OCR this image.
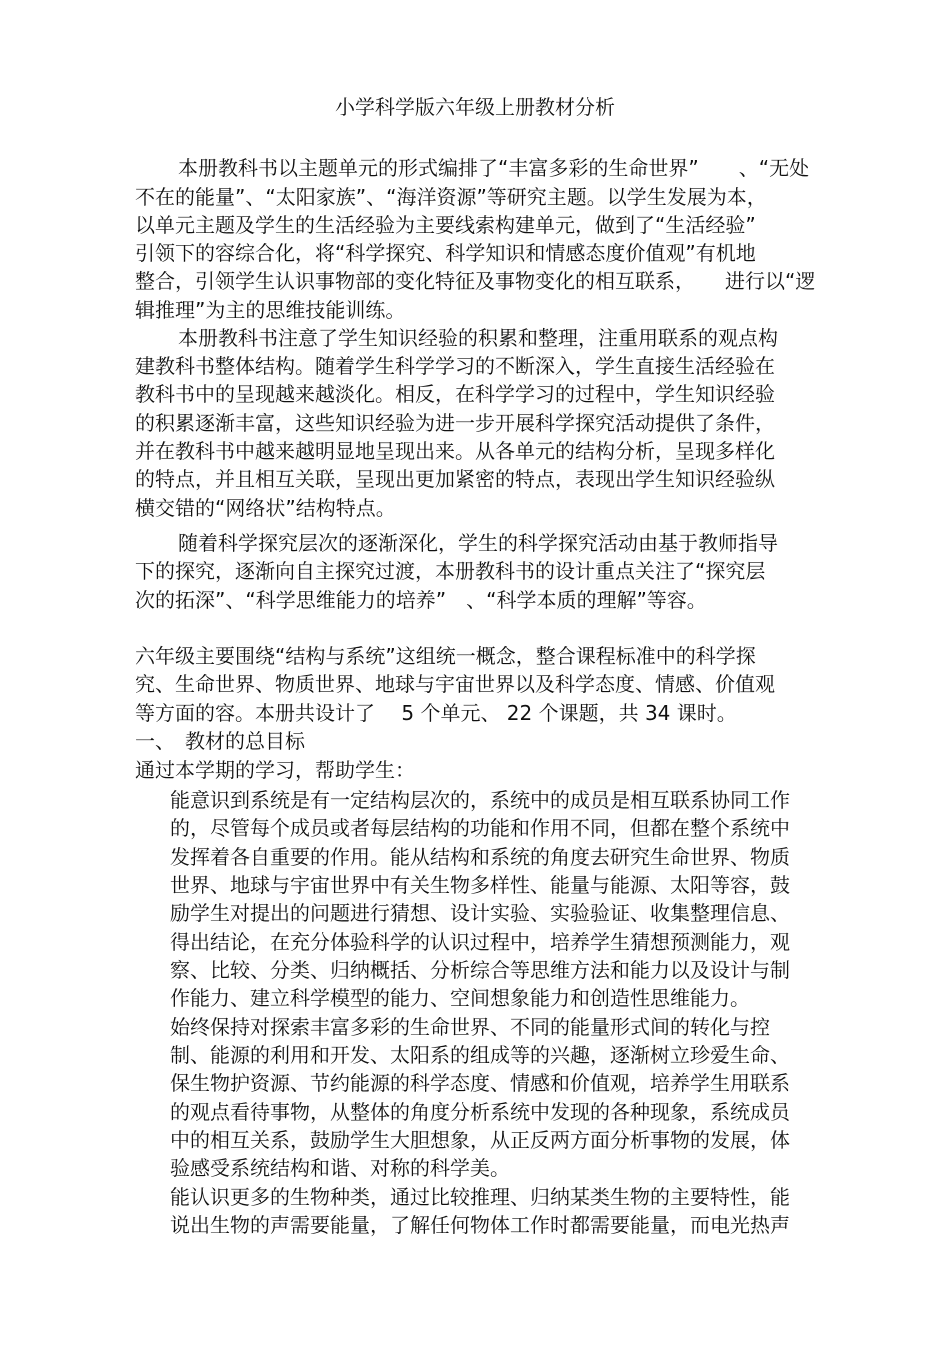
小学科学版六年级上册教材分析

本册教科书以主题单元的形式编排了“丰富多彩的生命世界”　　、“无处

不在的能量”、“太阳家族”、“海洋资源”等研究主题。以学生发展为本，

以单元主题及学生的生活经验为主要线索构建单元，做到了“生活经验”

引领下的容综合化，将“科学探究、科学知识和情感态度价值观”有机地

整合，引领学生认识事物部的变化特征及事物变化的相互联系，　　进行以“逻

辑推理”为主的思维技能训练。

本册教科书注意了学生知识经验的积累和整理，注重用联系的观点构

建教科书整体结构。随着学生科学学习的不断深入，学生直接生活经验在

教科书中的呈现越来越淡化。相反，在科学学习的过程中，学生知识经验

的积累逐渐丰富，这些知识经验为进一步开展科学探究活动提供了条件，

并在教科书中越来越明显地呈现出来。从各单元的结构分析，呈现多样化

的特点，并且相互关联，呈现出更加紧密的特点，表现出学生知识经验纵

横交错的“网络状”结构特点。

随着科学探究层次的逐渐深化，学生的科学探究活动由基于教师指导

下的探究，逐渐向自主探究过渡，本册教科书的设计重点关注了“探究层

次的拓深”、“科学思维能力的培养”　、“科学本质的理解”等容。

六年级主要围绕“结构与系统”这组统一概念，整合课程标准中的科学探

究、生命世界、物质世界、地球与宇宙世界以及科学态度、情感、价值观

等方面的容。本册共设计了　 5 个单元、 22 个课题，共 34 课时。

一、　教材的总目标

通过本学期的学习，帮助学生：

能意识到系统是有一定结构层次的，系统中的成员是相互联系协同工作

的，尽管每个成员或者每层结构的功能和作用不同，但都在整个系统中

发挥着各自重要的作用。能从结构和系统的角度去研究生命世界、物质

世界、地球与宇宙世界中有关生物多样性、能量与能源、太阳等容，鼓

励学生对提出的问题进行猜想、设计实验、实验验证、收集整理信息、

得出结论，在充分体验科学的认识过程中，培养学生猜想预测能力，观

察、比较、分类、归纳概括、分析综合等思维方法和能力以及设计与制

作能力、建立科学模型的能力、空间想象能力和创造性思维能力。

始终保持对探索丰富多彩的生命世界、不同的能量形式间的转化与控

制、能源的利用和开发、太阳系的组成等的兴趣，逐渐树立珍爱生命、

保生物护资源、节约能源的科学态度、情感和价值观，培养学生用联系

的观点看待事物，从整体的角度分析系统中发现的各种现象，系统成员

中的相互关系，鼓励学生大胆想象，从正反两方面分析事物的发展，体

验感受系统结构和谐、对称的科学美。

能认识更多的生物种类，通过比较推理、归纳某类生物的主要特性，能

说出生物的声需要能量，了解任何物体工作时都需要能量，而电光热声
